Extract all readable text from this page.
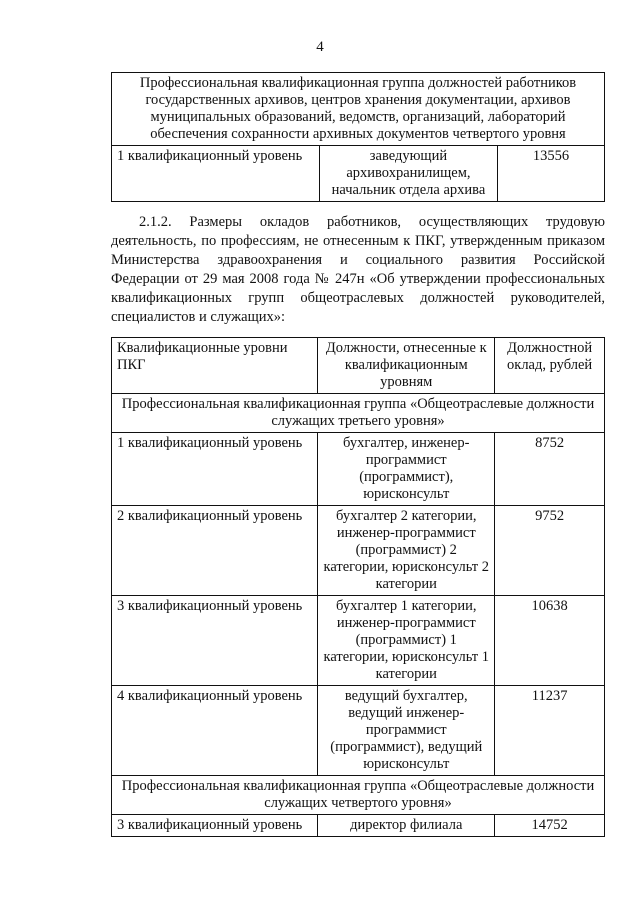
4
Профессиональная квалификационная группа должностей работников государственных архивов, центров хранения документации, архивов муниципальных образований, ведомств, организаций, лабораторий обеспечения сохранности архивных документов четвертого уровня
1 квалификационный уровень	заведующий архивохранилищем, начальник отдела архива	13556
2.1.2. Размеры окладов работников, осуществляющих трудовую деятельность, по профессиям, не отнесенным к ПКГ, утвержденным приказом Министерства здравоохранения и социального развития Российской Федерации от 29 мая 2008 года № 247н «Об утверждении профессиональных квалификационных групп общеотраслевых должностей руководителей, специалистов и служащих»:
Квалификационные уровни ПКГ	Должности, отнесенные к квалификационным уровням	Должностной оклад, рублей
Профессиональная квалификационная группа «Общеотраслевые должности служащих третьего уровня»		
1 квалификационный уровень	бухгалтер, инженер-программист (программист), юрисконсульт	8752
2 квалификационный уровень	бухгалтер 2 категории, инженер-программист (программист) 2 категории, юрисконсульт 2 категории	9752
3 квалификационный уровень	бухгалтер 1 категории, инженер-программист (программист) 1 категории, юрисконсульт 1 категории	10638
4 квалификационный уровень	ведущий бухгалтер, ведущий инженер-программист (программист), ведущий юрисконсульт	11237
Профессиональная квалификационная группа «Общеотраслевые должности служащих четвертого уровня»		
3 квалификационный уровень	директор филиала	14752
